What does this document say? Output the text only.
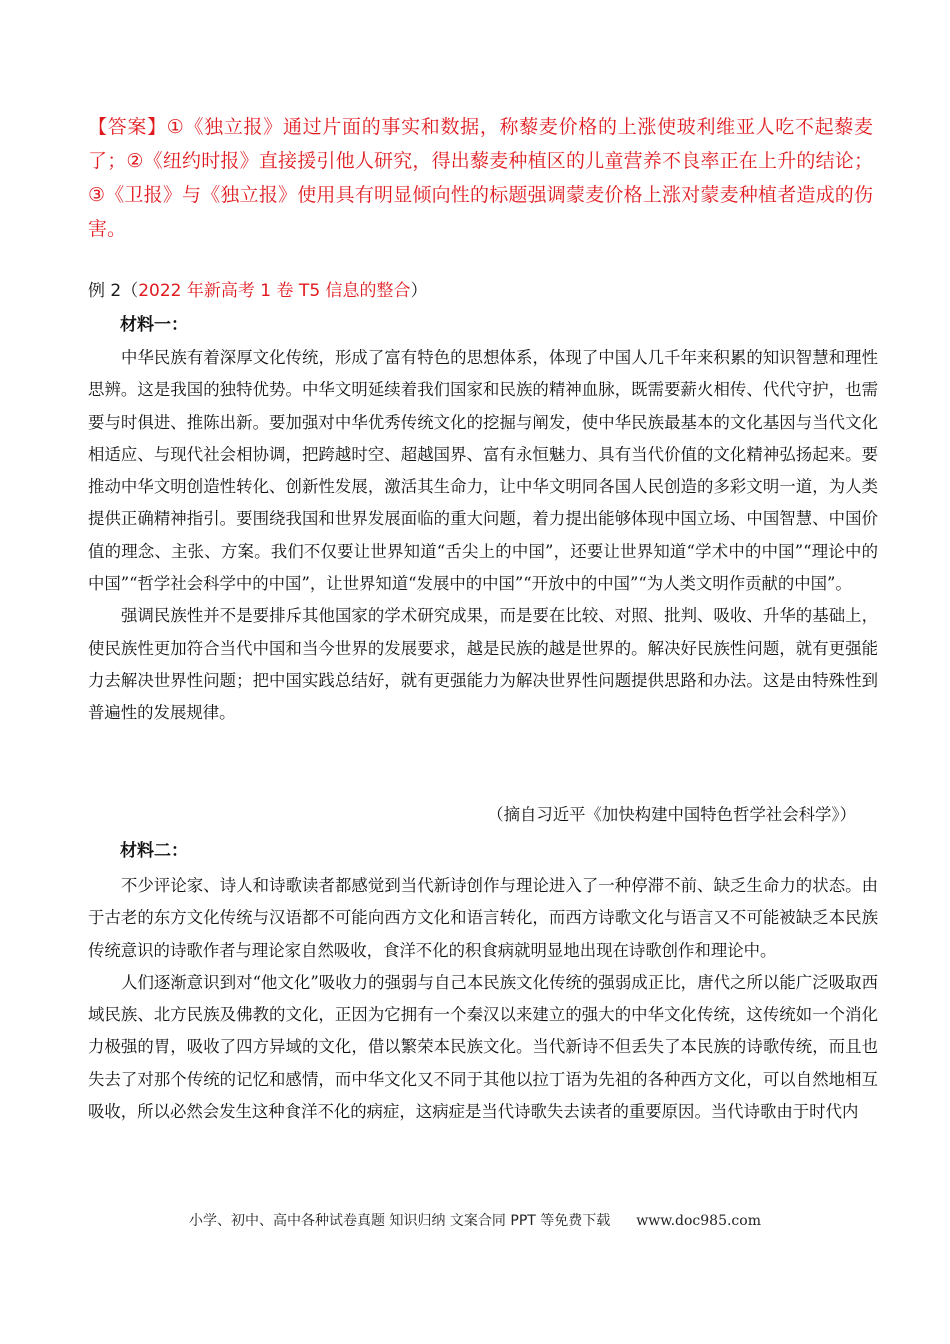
【答案】①《独立报》通过片面的事实和数据，称藜麦价格的上涨使玻利维亚人吃不起藜麦了；②《纽约时报》直接援引他人研究，得出藜麦种植区的儿童营养不良率正在上升的结论；③《卫报》与《独立报》使用具有明显倾向性的标题强调蒙麦价格上涨对蒙麦种植者造成的伤害。
例 2（2022 年新高考 1 卷 T5 信息的整合）
材料一：

中华民族有着深厚文化传统，形成了富有特色的思想体系，体现了中国人几千年来积累的知识智慧和理性思辨。这是我国的独特优势。中华文明延续着我们国家和民族的精神血脉，既需要薪火相传、代代守护，也需要与时俱进、推陈出新。要加强对中华优秀传统文化的挖掘与阐发，使中华民族最基本的文化基因与当代文化相适应、与现代社会相协调，把跨越时空、超越国界、富有永恒魅力、具有当代价值的文化精神弘扬起来。要推动中华文明创造性转化、创新性发展，激活其生命力，让中华文明同各国人民创造的多彩文明一道，为人类提供正确精神指引。要围绕我国和世界发展面临的重大问题，着力提出能够体现中国立场、中国智慧、中国价值的理念、主张、方案。我们不仅要让世界知道“舌尖上的中国”，还要让世界知道“学术中的中国”“理论中的中国”“哲学社会科学中的中国”，让世界知道“发展中的中国”“开放中的中国”“为人类文明作贡献的中国”。

强调民族性并不是要排斥其他国家的学术研究成果，而是要在比较、对照、批判、吸收、升华的基础上，使民族性更加符合当代中国和当今世界的发展要求，越是民族的越是世界的。解决好民族性问题，就有更强能力去解决世界性问题；把中国实践总结好，就有更强能力为解决世界性问题提供思路和办法。这是由特殊性到普遍性的发展规律。

（摘自习近平《加快构建中国特色哲学社会科学》）
材料二：

不少评论家、诗人和诗歌读者都感觉到当代新诗创作与理论进入了一种停滞不前、缺乏生命力的状态。由于古老的东方文化传统与汉语都不可能向西方文化和语言转化，而西方诗歌文化与语言又不可能被缺乏本民族传统意识的诗歌作者与理论家自然吸收，食洋不化的积食病就明显地出现在诗歌创作和理论中。

人们逐渐意识到对“他文化”吸收力的强弱与自己本民族文化传统的强弱成正比，唐代之所以能广泛吸取西域民族、北方民族及佛教的文化，正因为它拥有一个秦汉以来建立的强大的中华文化传统，这传统如一个消化力极强的胃，吸收了四方异域的文化，借以繁荣本民族文化。当代新诗不但丢失了本民族的诗歌传统，而且也失去了对那个传统的记忆和感情，而中华文化又不同于其他以拉丁语为先祖的各种西方文化，可以自然地相互吸收，所以必然会发生这种食洋不化的病症，这病症是当代诗歌失去读者的重要原因。当代诗歌由于时代内

小学、初中、高中各种试卷真题 知识归纳 文案合同 PPT 等免费下载 www.doc985.com
